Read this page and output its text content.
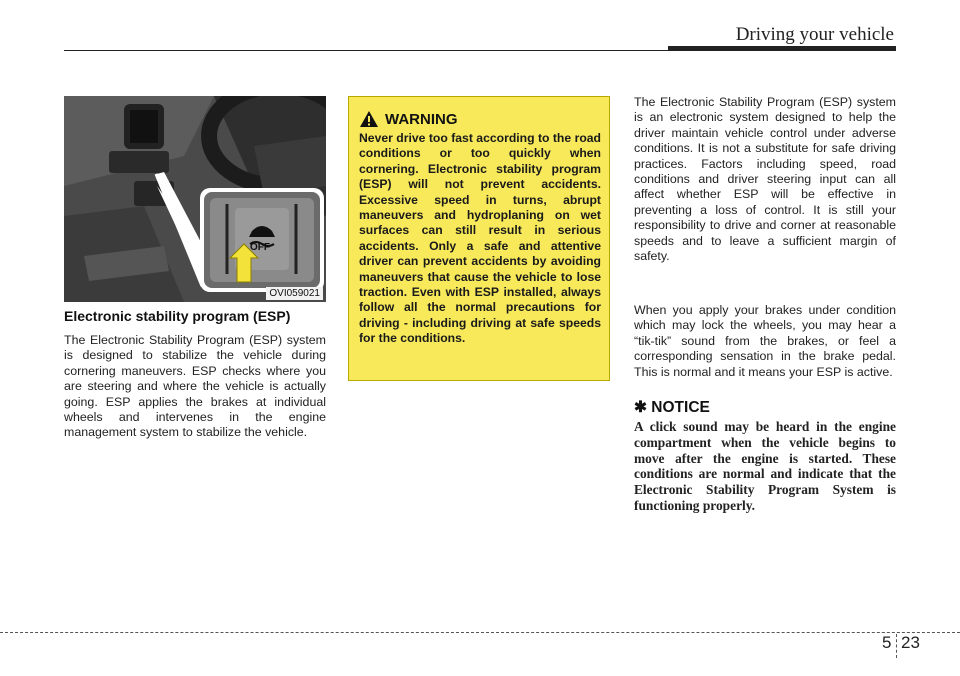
Driving your vehicle
OVI059021
OFF
Electronic stability program (ESP)

The Electronic Stability Program (ESP) system is designed to stabilize the vehicle during cornering maneuvers. ESP checks where you are steering and where the vehicle is actually going. ESP applies the brakes at individual wheels and intervenes in the engine management system to stabilize the vehicle.

WARNING

Never drive too fast according to the road conditions or too quickly when cornering. Electronic stability program (ESP) will not prevent accidents. Excessive speed in turns, abrupt maneuvers and hydroplaning on wet surfaces can still result in serious accidents. Only a safe and attentive driver can prevent accidents by avoiding maneuvers that cause the vehicle to lose traction. Even with ESP installed, always follow all the normal precautions for driving - including driving at safe speeds for the conditions.

The Electronic Stability Program (ESP) system is an electronic system designed to help the driver maintain vehicle control under adverse conditions. It is not a substitute for safe driving practices. Factors including speed, road conditions and driver steering input can all affect whether ESP will be effective in preventing a loss of control. It is still your responsibility to drive and corner at reasonable speeds and to leave a sufficient margin of safety.

When you apply your brakes under condition which may lock the wheels, you may hear a “tik-tik” sound from the brakes, or feel a corresponding sensation in the brake pedal. This is normal and it means your ESP is active.

✱ NOTICE

A click sound may be heard in the engine compartment when the vehicle begins to move after the engine is started. These conditions are normal and indicate that the Electronic Stability Program System is functioning properly.

5 23
